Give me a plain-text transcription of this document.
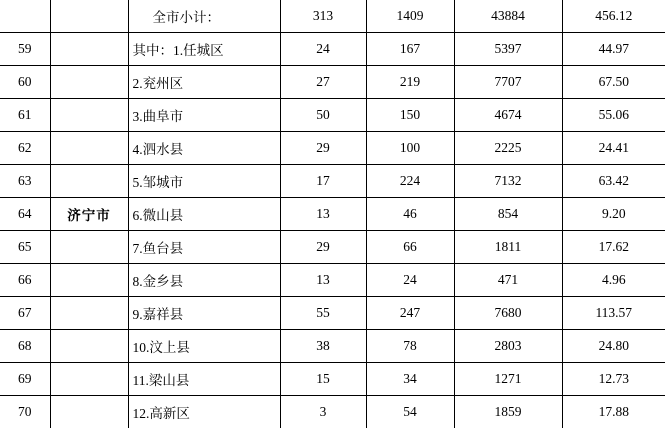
		全市小计：	313	1409	43884	456.12
59		其中：1.任城区	24	167	5397	44.97
60		2.兖州区	27	219	7707	67.50
61		3.曲阜市	50	150	4674	55.06
62		4.泗水县	29	100	2225	24.41
63		5.邹城市	17	224	7132	63.42
64	济宁市	6.微山县	13	46	854	9.20
65		7.鱼台县	29	66	1811	17.62
66		8.金乡县	13	24	471	4.96
67		9.嘉祥县	55	247	7680	113.57
68		10.汶上县	38	78	2803	24.80
69		11.梁山县	15	34	1271	12.73
70		12.高新区	3	54	1859	17.88
